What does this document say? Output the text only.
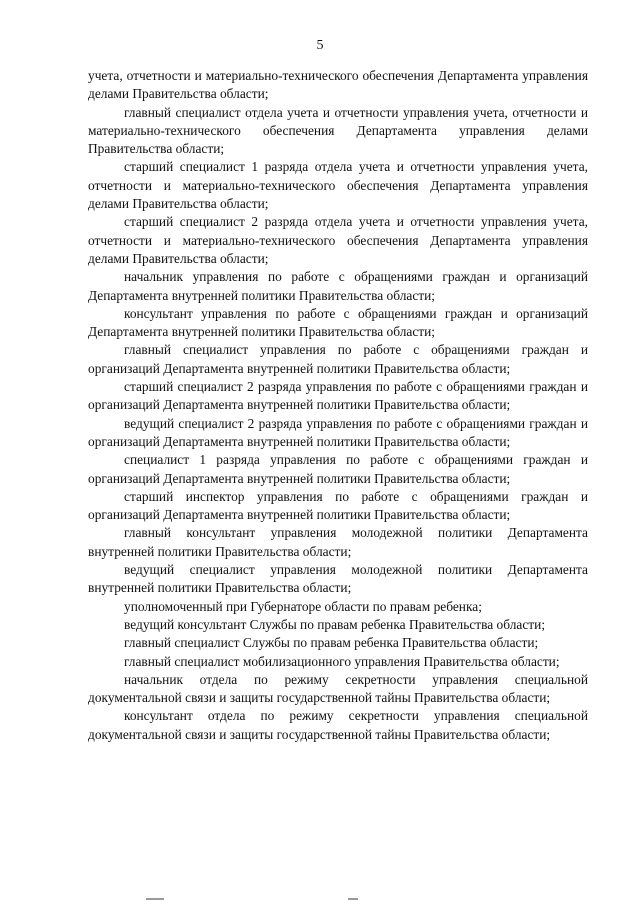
5

учета, отчетности и материально-технического обеспечения Департамента управления делами Правительства области;

главный специалист отдела учета и отчетности управления учета, отчетности и материально-технического обеспечения Департамента управления делами Правительства области;

старший специалист 1 разряда отдела учета и отчетности управления учета, отчетности и материально-технического обеспечения Департамента управления делами Правительства области;

старший специалист 2 разряда отдела учета и отчетности управления учета, отчетности и материально-технического обеспечения Департамента управления делами Правительства области;

начальник управления по работе с обращениями граждан и организаций Департамента внутренней политики Правительства области;

консультант управления по работе с обращениями граждан и организаций Департамента внутренней политики Правительства области;

главный специалист управления по работе с обращениями граждан и организаций Департамента внутренней политики Правительства области;

старший специалист 2 разряда управления по работе с обращениями граждан и организаций Департамента внутренней политики Правительства области;

ведущий специалист 2 разряда управления по работе с обращениями граждан и организаций Департамента внутренней политики Правительства области;

специалист 1 разряда управления по работе с обращениями граждан и организаций Департамента внутренней политики Правительства области;

старший инспектор управления по работе с обращениями граждан и организаций Департамента внутренней политики Правительства области;

главный консультант управления молодежной политики Департамента внутренней политики Правительства области;

ведущий специалист управления молодежной политики Департамента внутренней политики Правительства области;

уполномоченный при Губернаторе области по правам ребенка;

ведущий консультант Службы по правам ребенка Правительства области;

главный специалист Службы по правам ребенка Правительства области;

главный специалист мобилизационного управления Правительства области;

начальник отдела по режиму секретности управления специальной документальной связи и защиты государственной тайны Правительства области;

консультант отдела по режиму секретности управления специальной документальной связи и защиты государственной тайны Правительства области;
